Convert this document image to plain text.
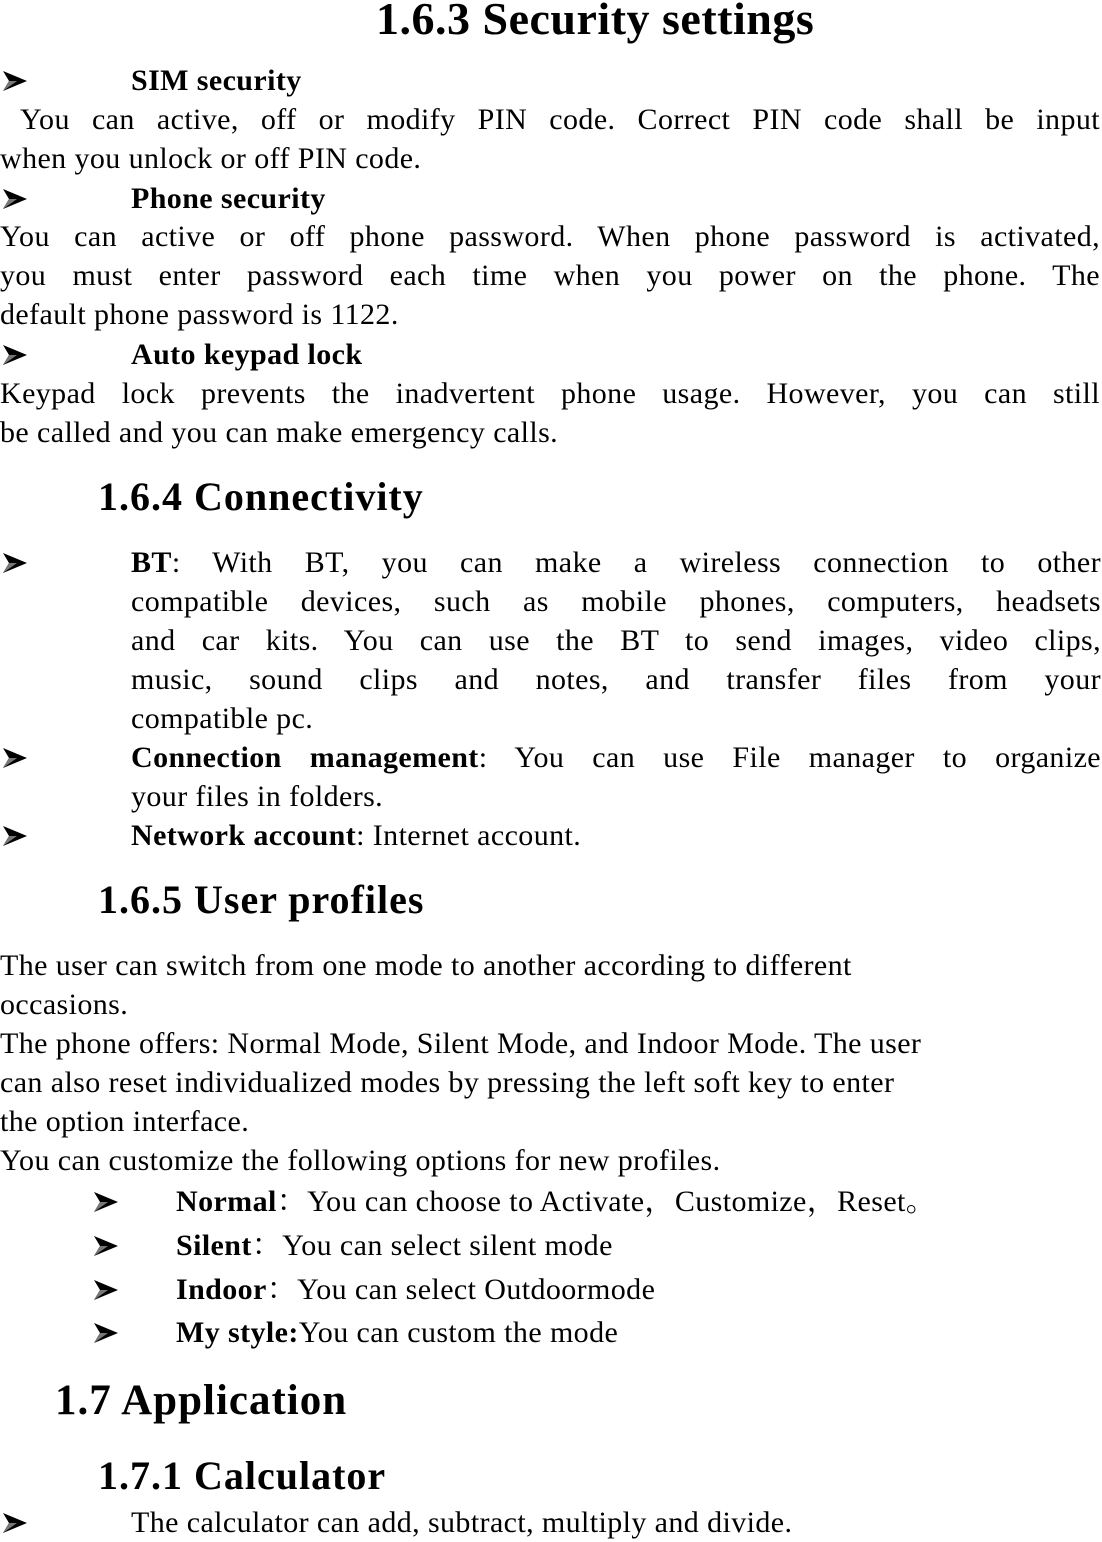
1.6.3 Security settings
SIM security
You can active, off or modify PIN code. Correct PIN code shall be input
when you unlock or off PIN code.
Phone security
You can active or off phone password. When phone password is activated,
you must enter password each time when you power on the phone. The
default phone password is 1122.
Auto keypad lock
Keypad lock prevents the inadvertent phone usage. However, you can still
be called and you can make emergency calls.
1.6.4 Connectivity
BT: With BT, you can make a wireless connection to other
compatible devices, such as mobile phones, computers, headsets
and car kits. You can use the BT to send images, video clips,
music, sound clips and notes, and transfer files from your
compatible pc.
Connection management: You can use File manager to organize
your files in folders.
Network account: Internet account.
1.6.5 User profiles
The user can switch from one mode to another according to different
occasions.
The phone offers: Normal Mode, Silent Mode, and Indoor Mode. The user
can also reset individualized modes by pressing the left soft key to enter
the option interface.
You can customize the following options for new profiles.
Normal：You can choose to Activate，Customize，Reset。
Silent：You can select silent mode
Indoor：You can select Outdoormode
My style:You can custom the mode
1.7 Application
1.7.1 Calculator
The calculator can add, subtract, multiply and divide.
